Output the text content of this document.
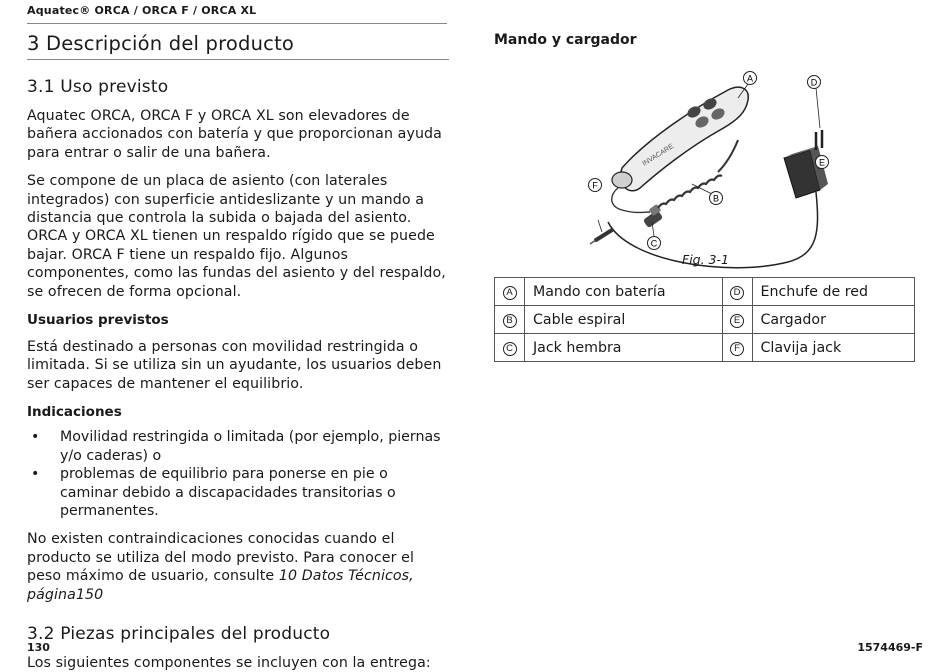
Aquatec® ORCA / ORCA F / ORCA XL
3 Descripción del producto
3.1 Uso previsto

Aquatec ORCA, ORCA F y ORCA XL son elevadores de bañera accionados con batería y que proporcionan ayuda para entrar o salir de una bañera.

Se compone de un placa de asiento (con laterales integrados) con superficie antideslizante y un mando a distancia que controla la subida o bajada del asiento. ORCA y ORCA XL tienen un respaldo rígido que se puede bajar. ORCA F tiene un respaldo fijo. Algunos componentes, como las fundas del asiento y del respaldo, se ofrecen de forma opcional.

Usuarios previstos

Está destinado a personas con movilidad restringida o limitada. Si se utiliza sin un ayudante, los usuarios deben ser capaces de mantener el equilibrio.

Indicaciones
• Movilidad restringida o limitada (por ejemplo, piernas y/o caderas) o
• problemas de equilibrio para ponerse en pie o caminar debido a discapacidades transitorias o permanentes.

No existen contraindicaciones conocidas cuando el producto se utiliza del modo previsto. Para conocer el peso máximo de usuario, consulte 10 Datos Técnicos, página150

3.2 Piezas principales del producto

Los siguientes componentes se incluyen con la entrega:

Mando y cargador
INVACARE
A
B
C
D
E
F
Fig. 3-1
A	Mando con batería	D	Enchufe de red
B	Cable espiral	E	Cargador
C	Jack hembra	F	Clavija jack
130	1574469-F
